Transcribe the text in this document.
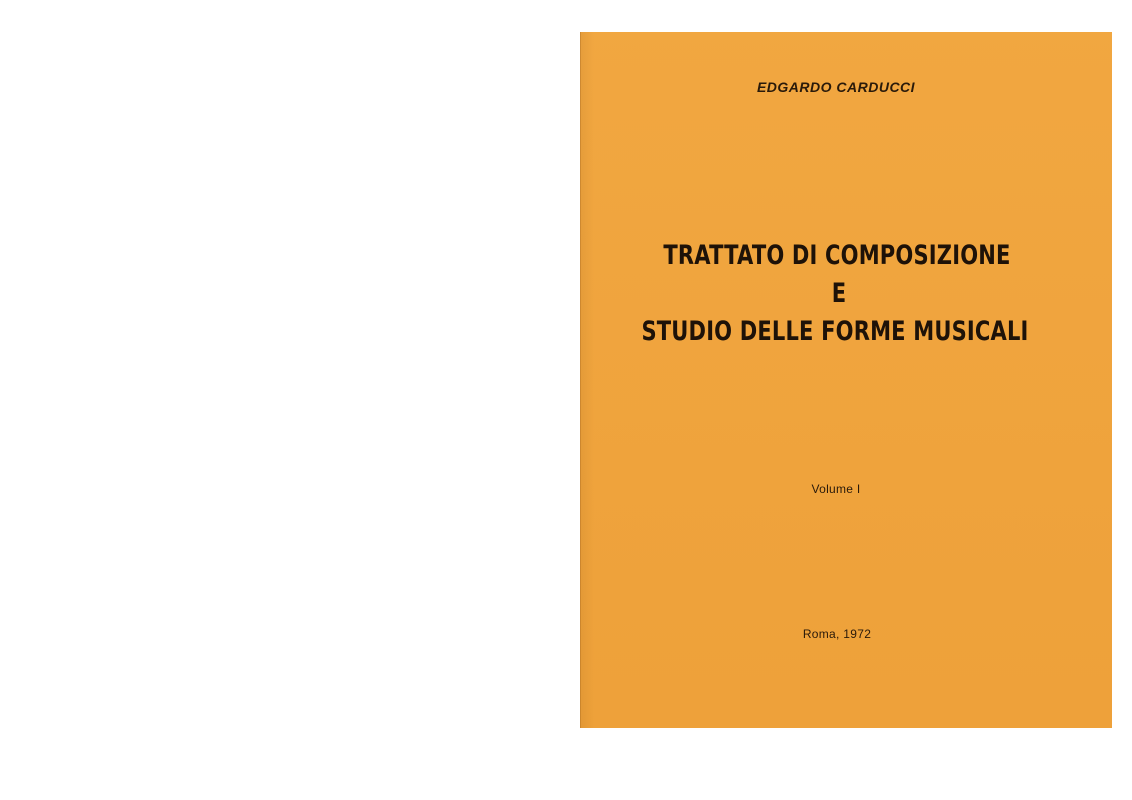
EDGARDO CARDUCCI
TRATTATO DI COMPOSIZIONE
E
STUDIO DELLE FORME MUSICALI
Volume I
Roma, 1972
